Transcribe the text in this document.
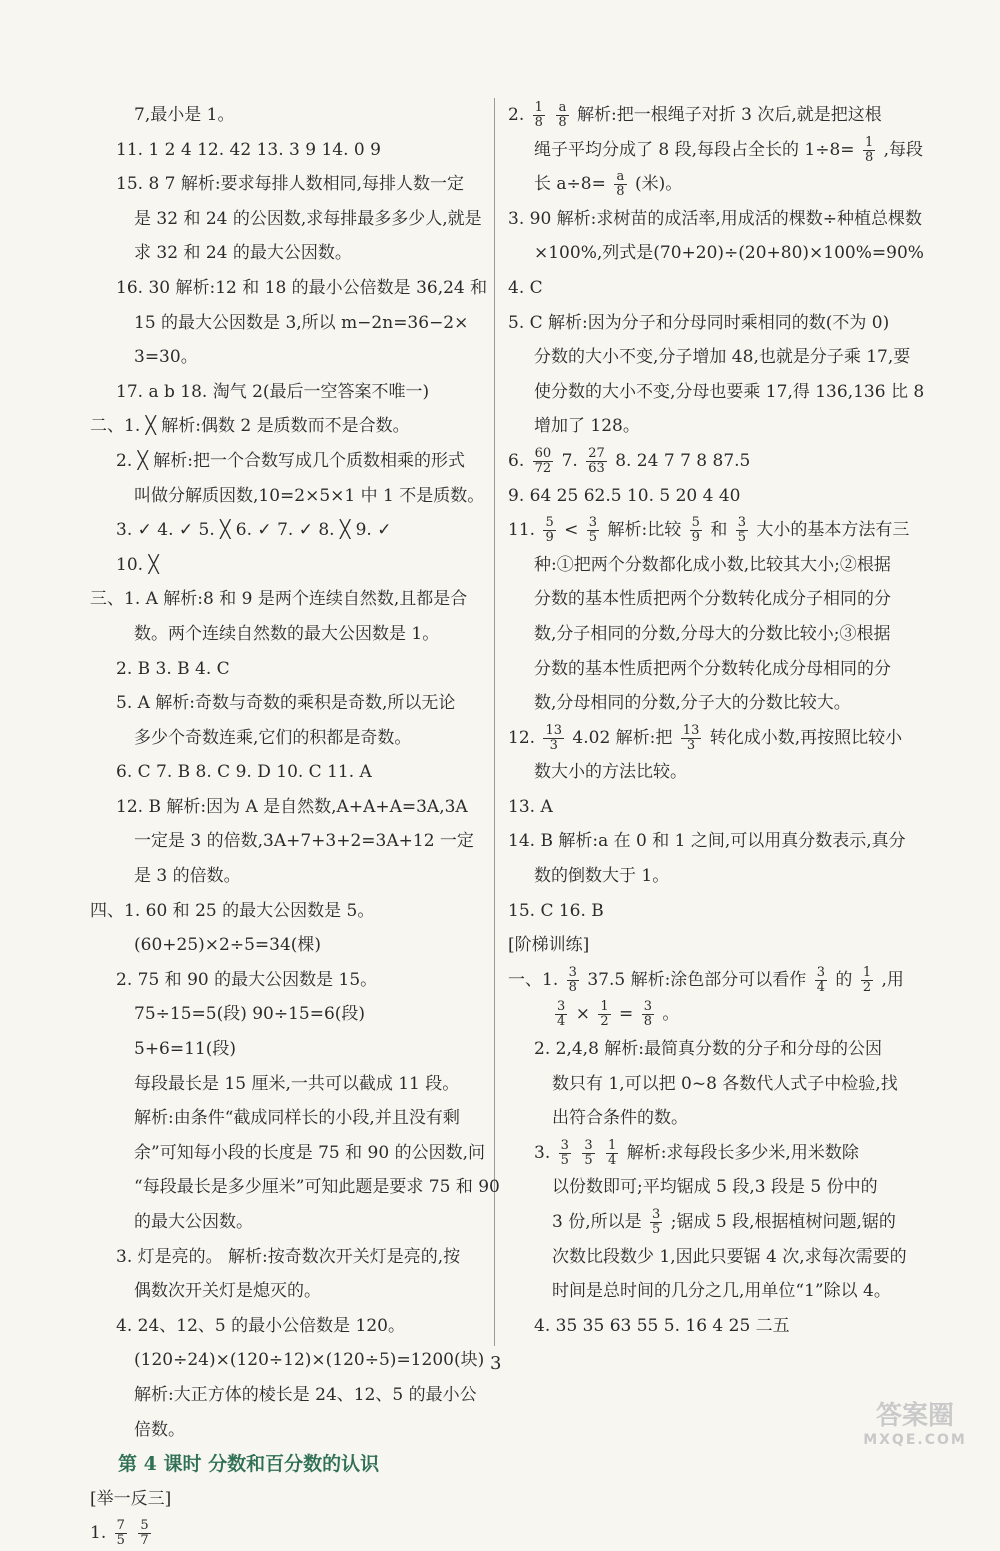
7,最小是 1。
11. 1 2 4 12. 42 13. 3 9 14. 0 9
15. 8 7 解析:要求每排人数相同,每排人数一定
是 32 和 24 的公因数,求每排最多多少人,就是
求 32 和 24 的最大公因数。
16. 30 解析:12 和 18 的最小公倍数是 36,24 和
15 的最大公因数是 3,所以 m−2n=36−2×
3=30。
17. a b 18. 淘气 2(最后一空答案不唯一)
二、1. ╳ 解析:偶数 2 是质数而不是合数。
2. ╳ 解析:把一个合数写成几个质数相乘的形式
叫做分解质因数,10=2×5×1 中 1 不是质数。
3. ✓ 4. ✓ 5. ╳ 6. ✓ 7. ✓ 8. ╳ 9. ✓
10. ╳
三、1. A 解析:8 和 9 是两个连续自然数,且都是合
数。两个连续自然数的最大公因数是 1。
2. B 3. B 4. C
5. A 解析:奇数与奇数的乘积是奇数,所以无论
多少个奇数连乘,它们的积都是奇数。
6. C 7. B 8. C 9. D 10. C 11. A
12. B 解析:因为 A 是自然数,A+A+A=3A,3A
一定是 3 的倍数,3A+7+3+2=3A+12 一定
是 3 的倍数。
四、1. 60 和 25 的最大公因数是 5。
(60+25)×2÷5=34(棵)
2. 75 和 90 的最大公因数是 15。
75÷15=5(段) 90÷15=6(段)
5+6=11(段)
每段最长是 15 厘米,一共可以截成 11 段。
解析:由条件“截成同样长的小段,并且没有剩
余”可知每小段的长度是 75 和 90 的公因数,问
“每段最长是多少厘米”可知此题是要求 75 和 90
的最大公因数。
3. 灯是亮的。 解析:按奇数次开关灯是亮的,按
偶数次开关灯是熄灭的。
4. 24、12、5 的最小公倍数是 120。
(120÷24)×(120÷12)×(120÷5)=1200(块)
解析:大正方体的棱长是 24、12、5 的最小公
倍数。
第 4 课时 分数和百分数的认识
[举一反三]
1. $\frac{7}{5}$
$\frac{5}{7}$
2. $\frac{1}{8}$
$\frac{a}{8}$ 解析:把一根绳子对折 3 次后,就是把这根
绳子平均分成了 8 段,每段占全长的 $1\div 8= \frac{1}{8}$ ,每段
长 $a\div 8= \frac{a}{8}$ (米)。
3. 90 解析:求树苗的成活率,用成活的棵数÷种植总棵数
×100%,列式是(70+20)÷(20+80)×100%=90%
4. C
5. C 解析:因为分子和分母同时乘相同的数(不为 0)
分数的大小不变,分子增加 48,也就是分子乘 17,要
使分数的大小不变,分母也要乘 17,得 136,136 比 8
增加了 128。
6. $\frac{60}{72} 7$. $\frac{27}{63} 8$. 24 7 7 8 87.5
9. 64 25 62.5 10. 5 20 4 40
11. $\frac{5}{9} < \frac{3}{5}$ 解析:比较 $\frac{5}{9}$ 和 $\frac{3}{5}$ 大小的基本方法有三
种:①把两个分数都化成小数,比较其大小;②根据
分数的基本性质把两个分数转化成分子相同的分
数,分子相同的分数,分母大的分数比较小;③根据
分数的基本性质把两个分数转化成分母相同的分
数,分母相同的分数,分子大的分数比较大。
12. $\frac{13}{3} 4.02$ 解析:把 $\frac{13}{3}$ 转化成小数,再按照比较小
数大小的方法比较。
13. A
14. B 解析:a 在 0 和 1 之间,可以用真分数表示,真分
数的倒数大于 1。
15. C 16. B
[阶梯训练]
一、1. $\frac{3}{8} 37.5$ 解析:涂色部分可以看作 $\frac{3}{4}$ 的 $\frac{1}{2}$ ,用
$\frac{3}{4} \times \frac{1}{2} = \frac{3}{8}$ 。
2. 2,4,8 解析:最简真分数的分子和分母的公因
数只有 1,可以把 0~8 各数代人式子中检验,找
出符合条件的数。
3. $\frac{3}{5}$
$\frac{3}{5}$
$\frac{1}{4}$ 解析:求每段长多少米,用米数除
以份数即可;平均锯成 5 段,3 段是 5 份中的
3 份,所以是 $\frac{3}{5}$ ;锯成 5 段,根据植树问题,锯的
次数比段数少 1,因此只要锯 4 次,求每次需要的
时间是总时间的几分之几,用单位“1”除以 4。
4. 35 35 63 55 5. 16 4 25 二五
3
答案圈
MXQE.COM
